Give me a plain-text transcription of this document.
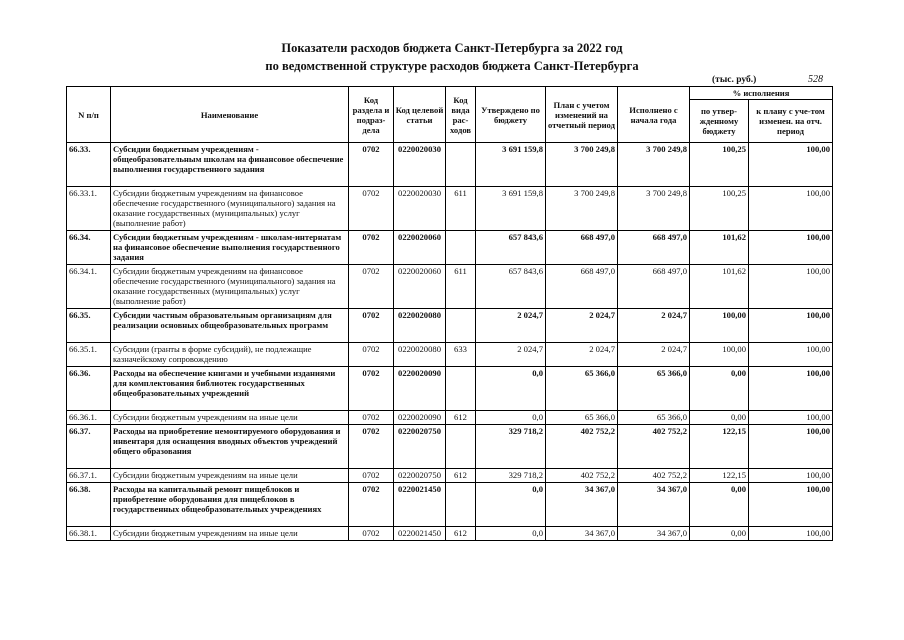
Показатели расходов бюджета Санкт-Петербурга за 2022 год
по ведомственной структуре расходов бюджета Санкт-Петербурга
(тыс. руб.)	528
N п/п	Наименование	Код раздела и подраз-дела	Код целевой статьи	Код вида рас-ходов	Утверждено по бюджету	План с учетом изменений на отчетный период	Исполнено с начала года	% исполнения	
								по утвер-жденному бюджету	к плану с уче-том изменен. на отч. период
66.33.	Субсидии бюджетным учреждениям - общеобразовательным школам на финансовое обеспечение выполнения государственного задания	0702	0220020030		3 691 159,8	3 700 249,8	3 700 249,8	100,25	100,00
66.33.1.	Субсидии бюджетным учреждениям на финансовое обеспечение государственного (муниципального) задания на оказание государственных (муниципальных) услуг (выполнение работ)	0702	0220020030	611	3 691 159,8	3 700 249,8	3 700 249,8	100,25	100,00
66.34.	Субсидии бюджетным учреждениям - школам-интернатам на финансовое обеспечение выполнения государственного задания	0702	0220020060		657 843,6	668 497,0	668 497,0	101,62	100,00
66.34.1.	Субсидии бюджетным учреждениям на финансовое обеспечение государственного (муниципального) задания на оказание государственных (муниципальных) услуг (выполнение работ)	0702	0220020060	611	657 843,6	668 497,0	668 497,0	101,62	100,00
66.35.	Субсидии частным образовательным организациям для реализации основных общеобразовательных программ	0702	0220020080		2 024,7	2 024,7	2 024,7	100,00	100,00
66.35.1.	Субсидии (гранты в форме субсидий), не подлежащие казначейскому сопровождению	0702	0220020080	633	2 024,7	2 024,7	2 024,7	100,00	100,00
66.36.	Расходы на обеспечение книгами и учебными изданиями для комплектования библиотек государственных общеобразовательных учреждений	0702	0220020090		0,0	65 366,0	65 366,0	0,00	100,00
66.36.1.	Субсидии бюджетным учреждениям на иные цели	0702	0220020090	612	0,0	65 366,0	65 366,0	0,00	100,00
66.37.	Расходы на приобретение немонтируемого оборудования и инвентаря для оснащения вводных объектов учреждений общего образования	0702	0220020750		329 718,2	402 752,2	402 752,2	122,15	100,00
66.37.1.	Субсидии бюджетным учреждениям на иные цели	0702	0220020750	612	329 718,2	402 752,2	402 752,2	122,15	100,00
66.38.	Расходы на капитальный ремонт пищеблоков и приобретение оборудования для пищеблоков в государственных общеобразовательных учреждениях	0702	0220021450		0,0	34 367,0	34 367,0	0,00	100,00
66.38.1.	Субсидии бюджетным учреждениям на иные цели	0702	0220021450	612	0,0	34 367,0	34 367,0	0,00	100,00
